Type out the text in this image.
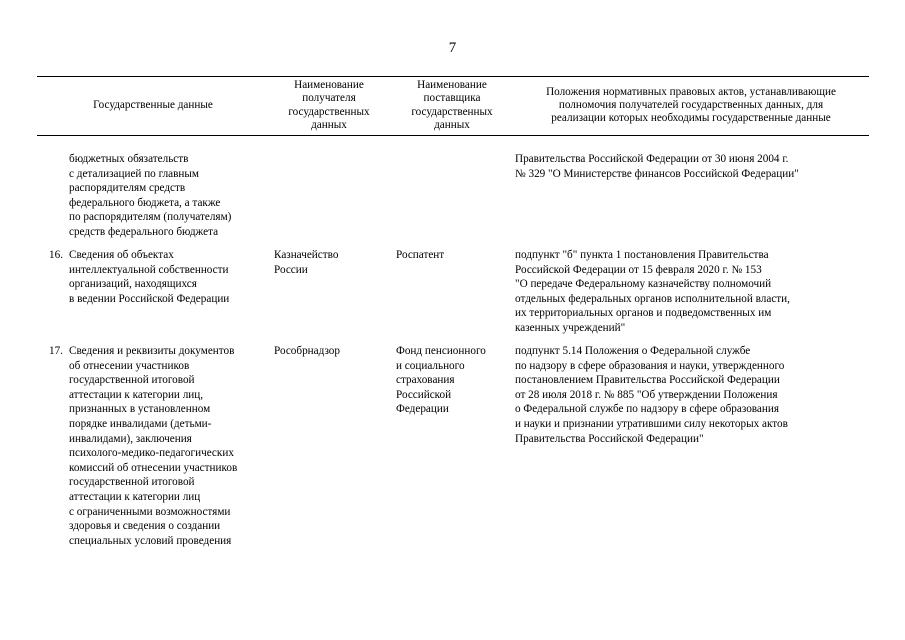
7
Государственные данные
Наименование
получателя
государственных
данных
Наименование
поставщика
государственных
данных
Положения нормативных правовых актов, устанавливающие
полномочия получателей государственных данных, для
реализации которых необходимы государственные данные
бюджетных обязательств
с детализацией по главным
распорядителям средств
федерального бюджета, а также
по распорядителям (получателям)
средств федерального бюджета
Правительства Российской Федерации от 30 июня 2004 г.
№ 329 "О Министерстве финансов Российской Федерации"
16. Сведения об объектах
интеллектуальной собственности
организаций, находящихся
в ведении Российской Федерации
Казначейство
России
Роспатент	подпункт "б" пункта 1 постановления Правительства
Российской Федерации от 15 февраля 2020 г. № 153
"О передаче Федеральному казначейству полномочий
отдельных федеральных органов исполнительной власти,
их территориальных органов и подведомственных им
казенных учреждений"
17. Сведения и реквизиты документов
об отнесении участников
государственной итоговой
аттестации к категории лиц,
признанных в установленном
порядке инвалидами (детьми-
инвалидами), заключения
психолого-медико-педагогических
комиссий об отнесении участников
государственной итоговой
аттестации к категории лиц
с ограниченными возможностями
здоровья и сведения о создании
специальных условий проведения
Рособрнадзор	Фонд пенсионного
и социального
страхования
Российской
Федерации
подпункт 5.14 Положения о Федеральной службе
по надзору в сфере образования и науки, утвержденного
постановлением Правительства Российской Федерации
от 28 июля 2018 г. № 885 "Об утверждении Положения
о Федеральной службе по надзору в сфере образования
и науки и признании утратившими силу некоторых актов
Правительства Российской Федерации"
